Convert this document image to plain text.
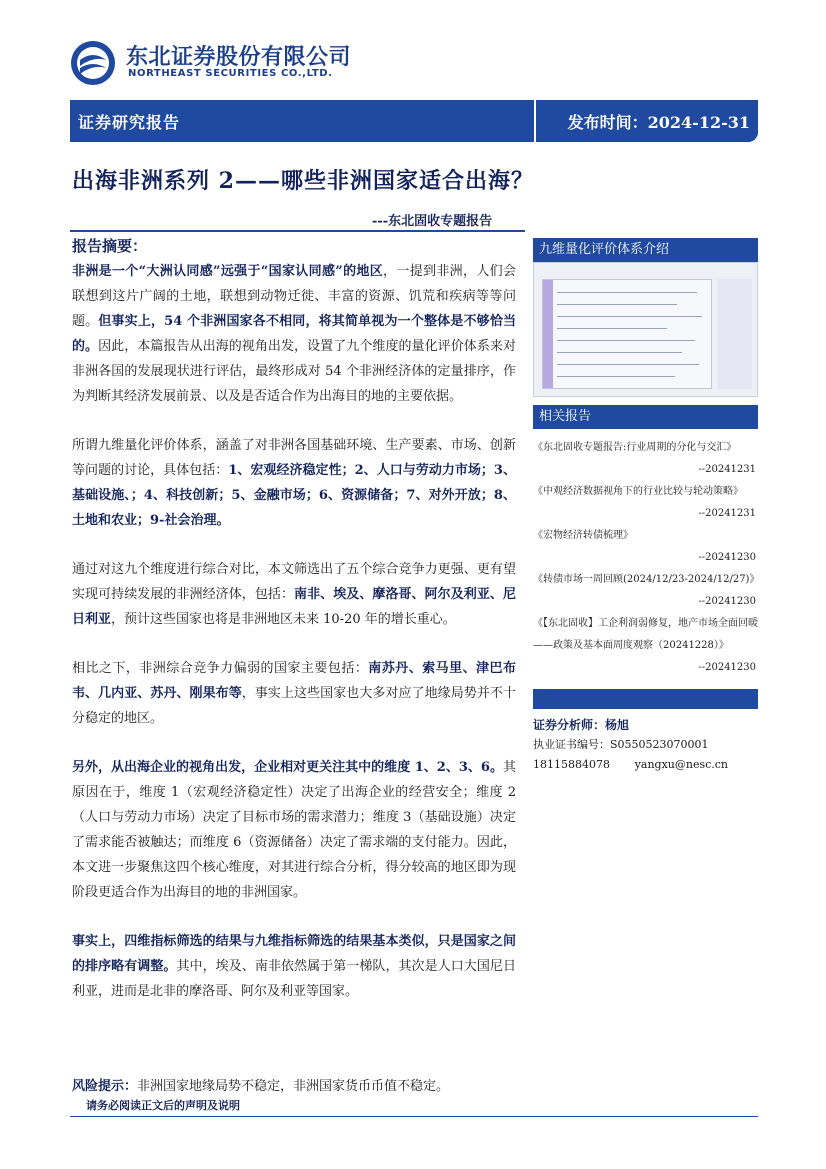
东北证券股份有限公司
NORTHEAST SECURITIES CO.,LTD.
证券研究报告	发布时间：2024-12-31
出海非洲系列 2——哪些非洲国家适合出海？
---东北固收专题报告
报告摘要：

非洲是一个“大洲认同感”远强于“国家认同感”的地区，一提到非洲，人们会联想到这片广阔的土地，联想到动物迁徙、丰富的资源、饥荒和疾病等等问题。但事实上，54 个非洲国家各不相同，将其简单视为一个整体是不够恰当的。因此，本篇报告从出海的视角出发，设置了九个维度的量化评价体系来对非洲各国的发展现状进行评估，最终形成对 54 个非洲经济体的定量排序，作为判断其经济发展前景、以及是否适合作为出海目的地的主要依据。

所谓九维量化评价体系，涵盖了对非洲各国基础环境、生产要素、市场、创新等问题的讨论，具体包括：1、宏观经济稳定性；2、人口与劳动力市场；3、基础设施、；4、科技创新；5、金融市场；6、资源储备；7、对外开放；8、土地和农业；9-社会治理。

通过对这九个维度进行综合对比，本文筛选出了五个综合竞争力更强、更有望实现可持续发展的非洲经济体，包括：南非、埃及、摩洛哥、阿尔及利亚、尼日利亚，预计这些国家也将是非洲地区未来 10-20 年的增长重心。

相比之下，非洲综合竞争力偏弱的国家主要包括：南苏丹、索马里、津巴布韦、几内亚、苏丹、刚果布等，事实上这些国家也大多对应了地缘局势并不十分稳定的地区。

另外，从出海企业的视角出发，企业相对更关注其中的维度 1、2、3、6。其原因在于，维度 1（宏观经济稳定性）决定了出海企业的经营安全；维度 2（人口与劳动力市场）决定了目标市场的需求潜力；维度 3（基础设施）决定了需求能否被触达；而维度 6（资源储备）决定了需求端的支付能力。因此，本文进一步聚焦这四个核心维度，对其进行综合分析，得分较高的地区即为现阶段更适合作为出海目的地的非洲国家。

事实上，四维指标筛选的结果与九维指标筛选的结果基本类似，只是国家之间的排序略有调整。其中，埃及、南非依然属于第一梯队，其次是人口大国尼日利亚，进而是北非的摩洛哥、阿尔及利亚等国家。

风险提示：非洲国家地缘局势不稳定，非洲国家货币币值不稳定。

九维量化评价体系介绍
相关报告
《东北固收专题报告:行业周期的分化与交汇》
--20241231
《中观经济数据视角下的行业比较与轮动策略》
--20241231
《宏物经济转债梳理》
--20241230
《转债市场一周回顾(2024/12/23-2024/12/27)》
--20241230
《【东北固收】工企利润弱修复，地产市场全面回暖——政策及基本面周度观察（20241228）》
--20241230
证券分析师：杨旭
执业证书编号：S0550523070001
18115884078 yangxu@nesc.cn
请务必阅读正文后的声明及说明
